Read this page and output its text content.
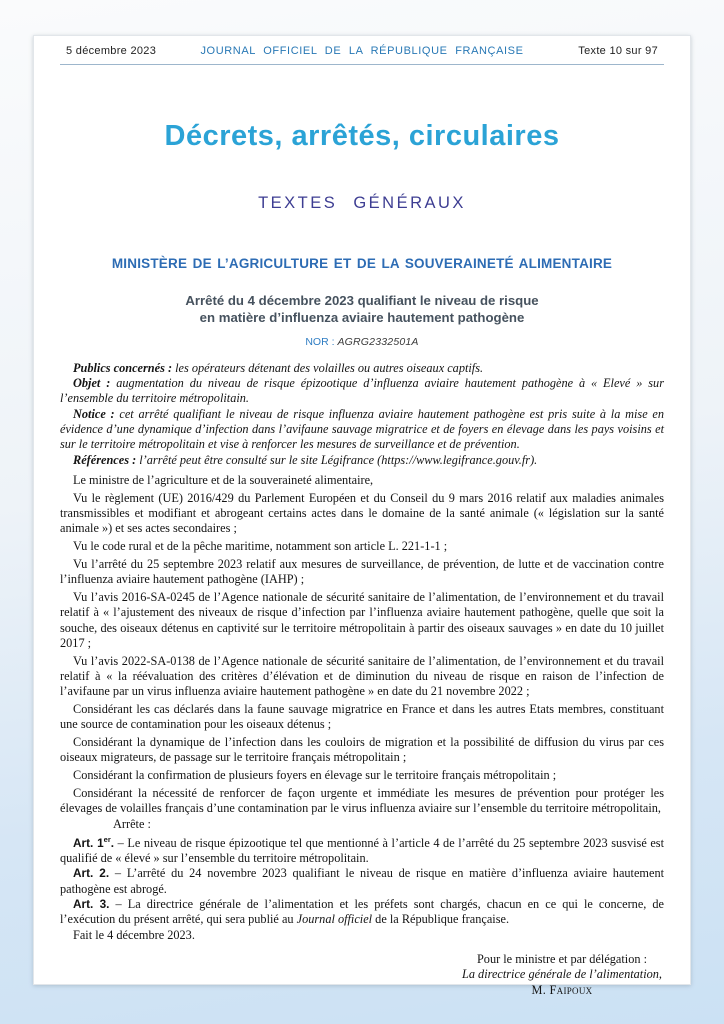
5 décembre 2023	JOURNAL OFFICIEL DE LA RÉPUBLIQUE FRANÇAISE	Texte 10 sur 97
Décrets, arrêtés, circulaires
TEXTES GÉNÉRAUX
MINISTÈRE DE L’AGRICULTURE ET DE LA SOUVERAINETÉ ALIMENTAIRE
Arrêté du 4 décembre 2023 qualifiant le niveau de risque
en matière d’influenza aviaire hautement pathogène
NOR : AGRG2332501A

Publics concernés : les opérateurs détenant des volailles ou autres oiseaux captifs.

Objet : augmentation du niveau de risque épizootique d’influenza aviaire hautement pathogène à « Elevé » sur l’ensemble du territoire métropolitain.

Notice : cet arrêté qualifiant le niveau de risque influenza aviaire hautement pathogène est pris suite à la mise en évidence d’une dynamique d’infection dans l’avifaune sauvage migratrice et de foyers en élevage dans les pays voisins et sur le territoire métropolitain et vise à renforcer les mesures de surveillance et de prévention.

Références : l’arrêté peut être consulté sur le site Légifrance (https://www.legifrance.gouv.fr).

Le ministre de l’agriculture et de la souveraineté alimentaire,

Vu le règlement (UE) 2016/429 du Parlement Européen et du Conseil du 9 mars 2016 relatif aux maladies animales transmissibles et modifiant et abrogeant certains actes dans le domaine de la santé animale (« législation sur la santé animale ») et ses actes secondaires ;

Vu le code rural et de la pêche maritime, notamment son article L. 221-1-1 ;

Vu l’arrêté du 25 septembre 2023 relatif aux mesures de surveillance, de prévention, de lutte et de vaccination contre l’influenza aviaire hautement pathogène (IAHP) ;

Vu l’avis 2016-SA-0245 de l’Agence nationale de sécurité sanitaire de l’alimentation, de l’environnement et du travail relatif à « l’ajustement des niveaux de risque d’infection par l’influenza aviaire hautement pathogène, quelle que soit la souche, des oiseaux détenus en captivité sur le territoire métropolitain à partir des oiseaux sauvages » en date du 10 juillet 2017 ;

Vu l’avis 2022-SA-0138 de l’Agence nationale de sécurité sanitaire de l’alimentation, de l’environnement et du travail relatif à « la réévaluation des critères d’élévation et de diminution du niveau de risque en raison de l’infection de l’avifaune par un virus influenza aviaire hautement pathogène » en date du 21 novembre 2022 ;

Considérant les cas déclarés dans la faune sauvage migratrice en France et dans les autres Etats membres, constituant une source de contamination pour les oiseaux détenus ;

Considérant la dynamique de l’infection dans les couloirs de migration et la possibilité de diffusion du virus par ces oiseaux migrateurs, de passage sur le territoire français métropolitain ;

Considérant la confirmation de plusieurs foyers en élevage sur le territoire français métropolitain ;

Considérant la nécessité de renforcer de façon urgente et immédiate les mesures de prévention pour protéger les élevages de volailles français d’une contamination par le virus influenza aviaire sur l’ensemble du territoire métropolitain,

Arrête :

Art. 1er. – Le niveau de risque épizootique tel que mentionné à l’article 4 de l’arrêté du 25 septembre 2023 susvisé est qualifié de « élevé » sur l’ensemble du territoire métropolitain.

Art. 2. – L’arrêté du 24 novembre 2023 qualifiant le niveau de risque en matière d’influenza aviaire hautement pathogène est abrogé.

Art. 3. – La directrice générale de l’alimentation et les préfets sont chargés, chacun en ce qui le concerne, de l’exécution du présent arrêté, qui sera publié au Journal officiel de la République française.

Fait le 4 décembre 2023.

Pour le ministre et par délégation :
La directrice générale de l’alimentation,
M. Faipoux
